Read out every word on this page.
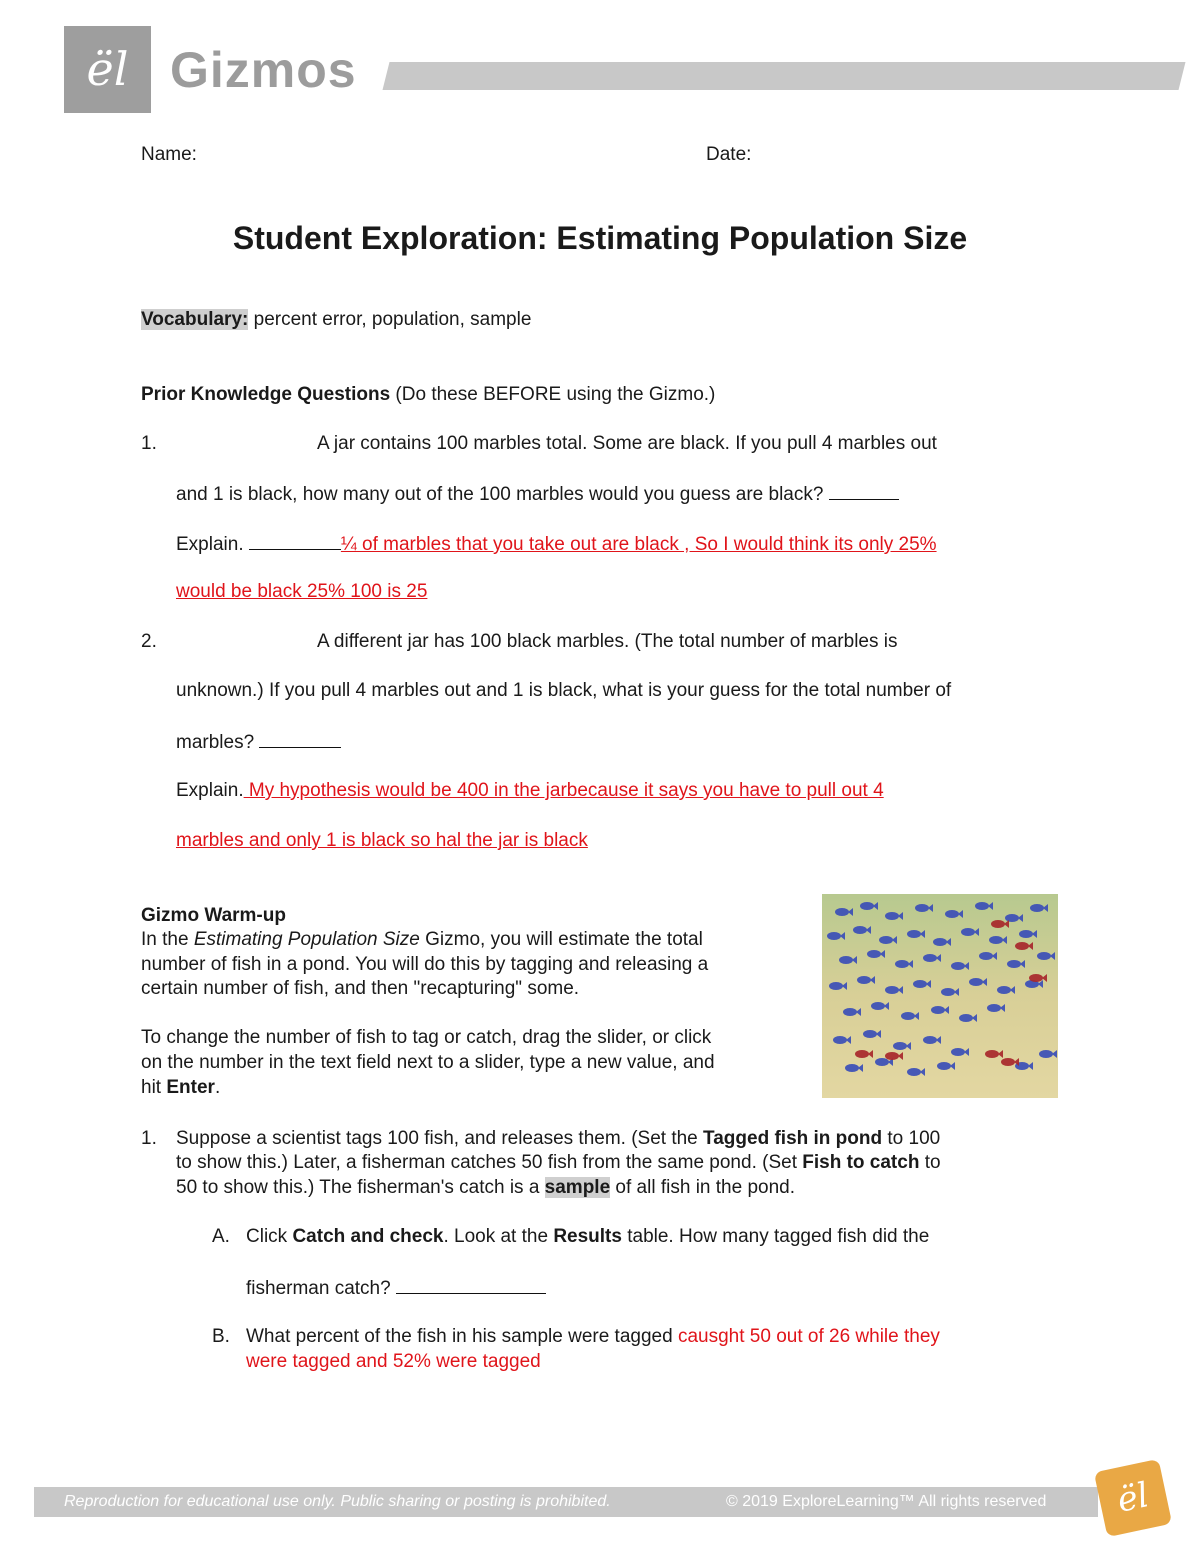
ël Gizmos
Name:	Date:
Student Exploration: Estimating Population Size
Vocabulary: percent error, population, sample
Prior Knowledge Questions (Do these BEFORE using the Gizmo.)
1.	A jar contains 100 marbles total. Some are black. If you pull 4 marbles out
and 1 is black, how many out of the 100 marbles would you guess are black?
Explain.	¼ of marbles that you take out are black , So I would think its only 25%
would be black 25% 100 is 25
2.	A different jar has 100 black marbles. (The total number of marbles is
unknown.) If you pull 4 marbles out and 1 is black, what is your guess for the total number of
marbles?
Explain. My hypothesis would be 400 in the jarbecause it says you have to pull out 4
marbles and only 1 is black so hal the jar is black
Gizmo Warm-up
In the Estimating Population Size Gizmo, you will estimate the total
number of fish in a pond. You will do this by tagging and releasing a
certain number of fish, and then "recapturing" some.
To change the number of fish to tag or catch, drag the slider, or click
on the number in the text field next to a slider, type a new value, and
hit Enter.
1. Suppose a scientist tags 100 fish, and releases them. (Set the Tagged fish in pond to 100
to show this.) Later, a fisherman catches 50 fish from the same pond. (Set Fish to catch to
50 to show this.) The fisherman's catch is a sample of all fish in the pond.
A. Click Catch and check. Look at the Results table. How many tagged fish did the
fisherman catch?
B. What percent of the fish in his sample were tagged causght 50 out of 26 while they
were tagged and 52% were tagged
Reproduction for educational use only. Public sharing or posting is prohibited.	© 2019 ExploreLearning™ All rights reserved	ël
